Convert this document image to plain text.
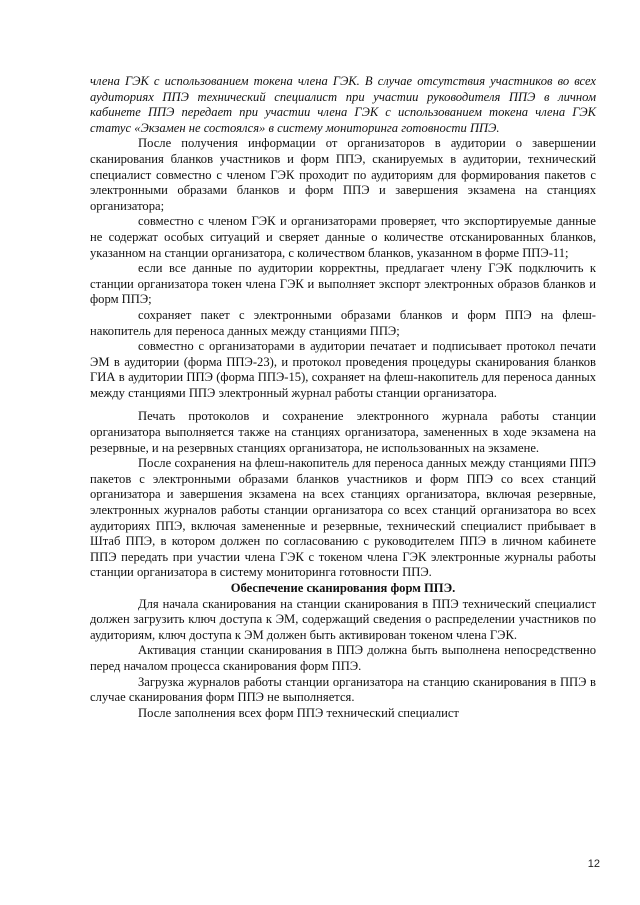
члена ГЭК с использованием токена члена ГЭК. В случае отсутствия участников во всех аудиториях ППЭ технический специалист при участии руководителя ППЭ в личном кабинете ППЭ передает при участии члена ГЭК с использованием токена члена ГЭК статус «Экзамен не состоялся» в систему мониторинга готовности ППЭ.

После получения информации от организаторов в аудитории о завершении сканирования бланков участников и форм ППЭ, сканируемых в аудитории, технический специалист совместно с членом ГЭК проходит по аудиториям для формирования пакетов с электронными образами бланков и форм ППЭ и завершения экзамена на станциях организатора;

совместно с членом ГЭК и организаторами проверяет, что экспортируемые данные не содержат особых ситуаций и сверяет данные о количестве отсканированных бланков, указанном на станции организатора, с количеством бланков, указанном в форме ППЭ-11;

если все данные по аудитории корректны, предлагает члену ГЭК подключить к станции организатора токен члена ГЭК и выполняет экспорт электронных образов бланков и форм ППЭ;

сохраняет пакет с электронными образами бланков и форм ППЭ на флеш-накопитель для переноса данных между станциями ППЭ;

совместно с организаторами в аудитории печатает и подписывает протокол печати ЭМ в аудитории (форма ППЭ-23), и протокол проведения процедуры сканирования бланков ГИА в аудитории ППЭ (форма ППЭ-15), сохраняет на флеш-накопитель для переноса данных между станциями ППЭ электронный журнал работы станции организатора.

Печать протоколов и сохранение электронного журнала работы станции организатора выполняется также на станциях организатора, замененных в ходе экзамена на резервные, и на резервных станциях организатора, не использованных на экзамене.

После сохранения на флеш-накопитель для переноса данных между станциями ППЭ пакетов с электронными образами бланков участников и форм ППЭ со всех станций организатора и завершения экзамена на всех станциях организатора, включая резервные, электронных журналов работы станции организатора со всех станций организатора во всех аудиториях ППЭ, включая замененные и резервные, технический специалист прибывает в Штаб ППЭ, в котором должен по согласованию с руководителем ППЭ в личном кабинете ППЭ передать при участии члена ГЭК с токеном члена ГЭК электронные журналы работы станции организатора в систему мониторинга готовности ППЭ.

Обеспечение сканирования форм ППЭ.

Для начала сканирования на станции сканирования в ППЭ технический специалист должен загрузить ключ доступа к ЭМ, содержащий сведения о распределении участников по аудиториям, ключ доступа к ЭМ должен быть активирован токеном члена ГЭК.

Активация станции сканирования в ППЭ должна быть выполнена непосредственно перед началом процесса сканирования форм ППЭ.

Загрузка журналов работы станции организатора на станцию сканирования в ППЭ в случае сканирования форм ППЭ не выполняется.

После заполнения всех форм ППЭ технический специалист

12
